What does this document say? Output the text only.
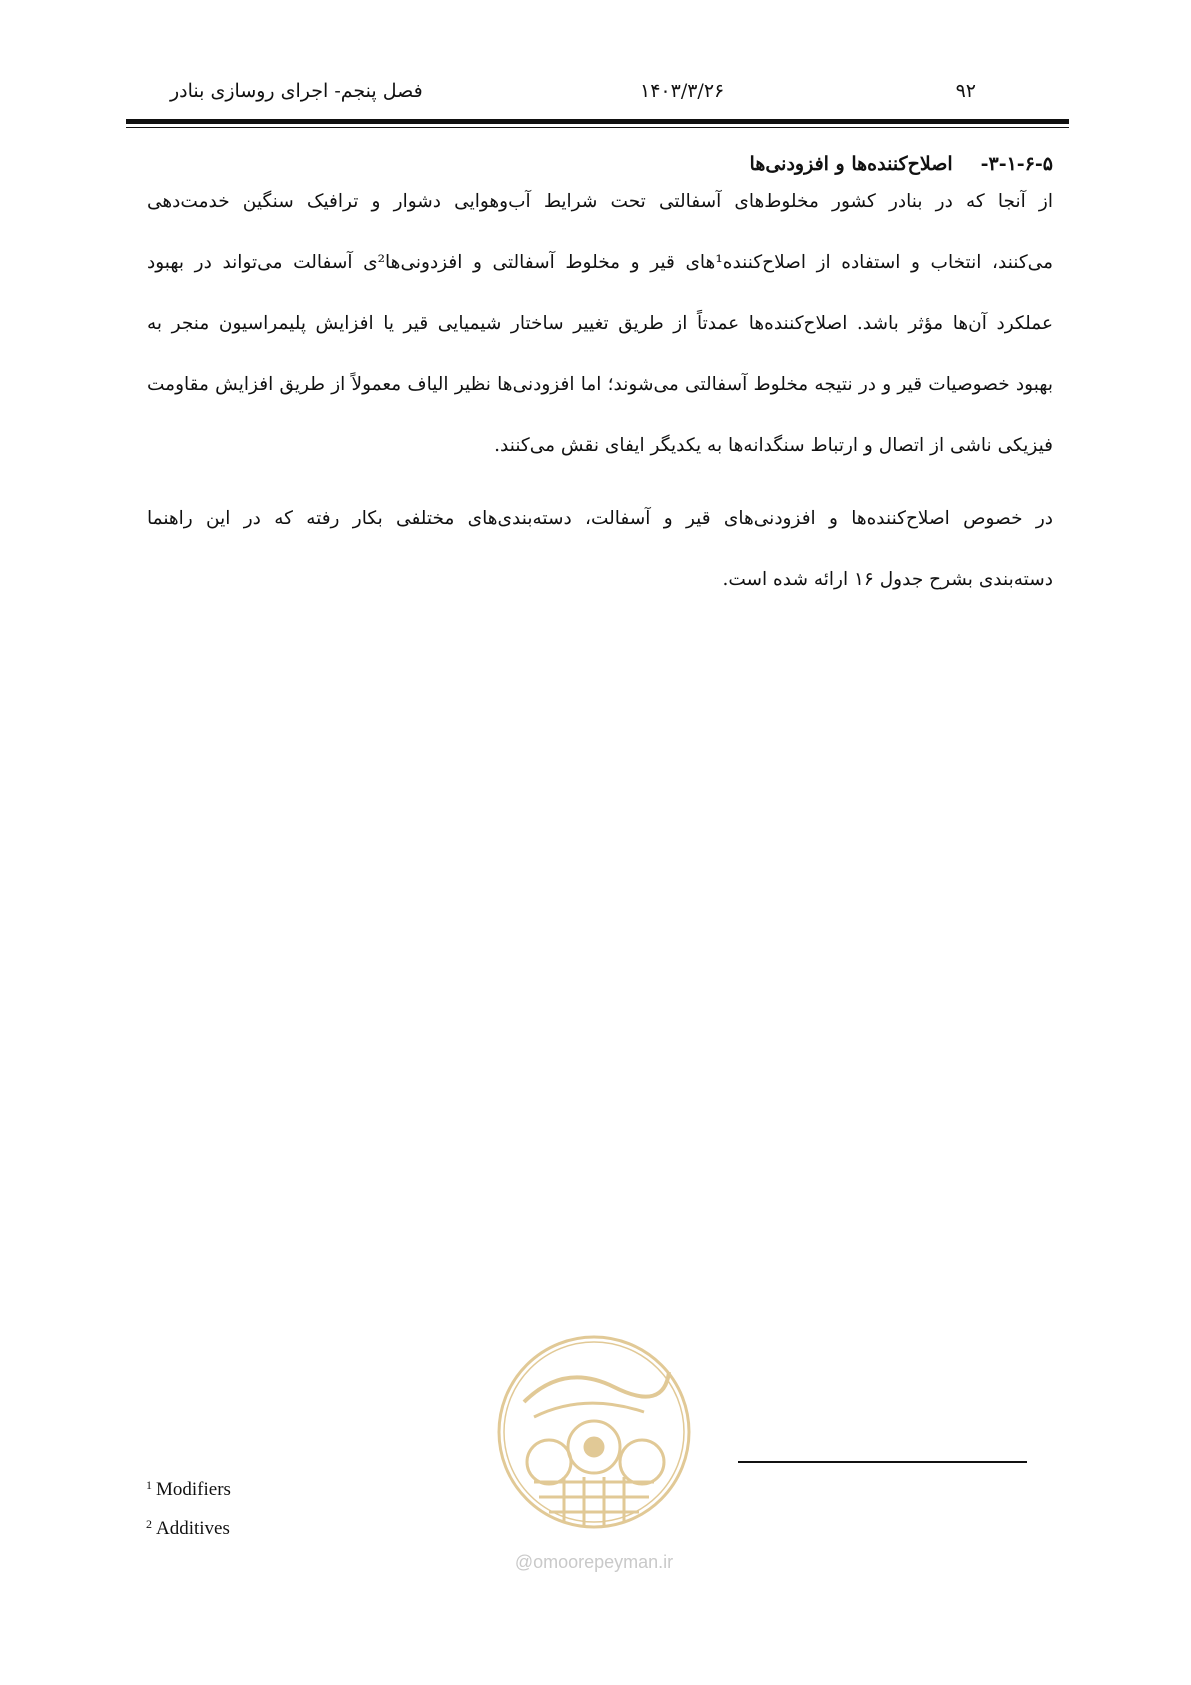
۹۲
۱۴۰۳/۳/۲۶
فصل پنجم- اجرای روسازی بنادر
۳-۱-۶-۵-اصلاح‌کننده‌ها و افزودنی‌ها
از آنجا که در بنادر کشور مخلوط‌های آسفالتی تحت شرایط آب‌وهوایی دشوار و ترافیک سنگین خدمت‌دهی
می‌کنند، انتخاب و استفاده از اصلاح‌کننده¹های قیر و مخلوط آسفالتی و افزدونی‌ها²ی آسفالت می‌تواند در بهبود
عملکرد آن‌ها مؤثر باشد. اصلاح‌کننده‌ها عمدتاً از طریق تغییر ساختار شیمیایی قیر یا افزایش پلیمراسیون منجر به
بهبود خصوصیات قیر و در نتیجه مخلوط آسفالتی می‌شوند؛ اما افزودنی‌ها نظیر الیاف معمولاً از طریق افزایش مقاومت
فیزیکی ناشی از اتصال و ارتباط سنگدانه‌ها به یکدیگر ایفای نقش می‌کنند.
در خصوص اصلاح‌کننده‌ها و افزودنی‌های قیر و آسفالت، دسته‌بندی‌های مختلفی بکار رفته که در این راهنما
دسته‌بندی بشرح جدول ۱۶ ارائه شده است.
@omoorepeyman.ir
$^1$ Modifiers
$^2$ Additives
